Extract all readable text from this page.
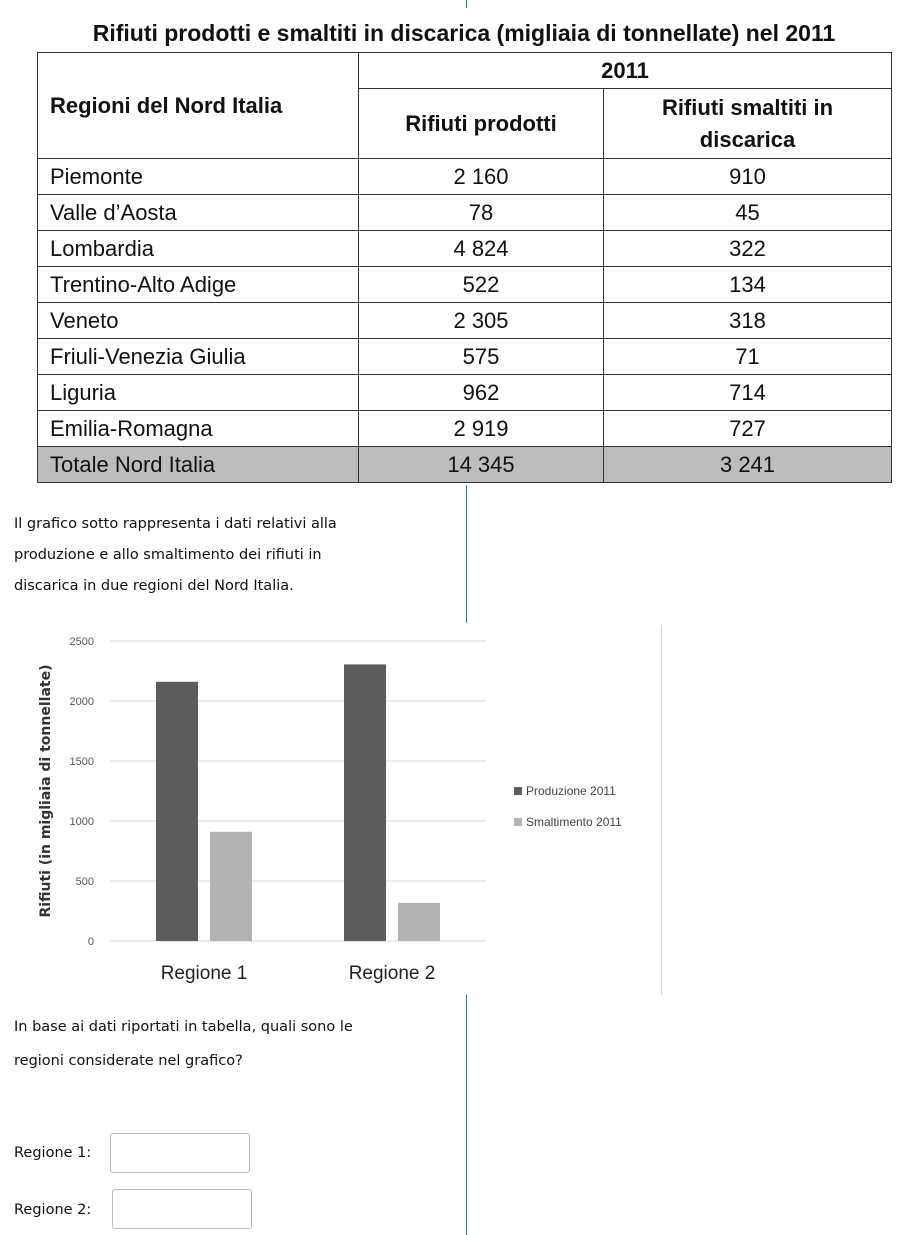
Rifiuti prodotti e smaltiti in discarica (migliaia di tonnellate) nel 2011
Regioni del Nord Italia	2011	
	Rifiuti prodotti	Rifiuti smaltiti in
discarica
Piemonte	2 160	910
Valle d’Aosta	78	45
Lombardia	4 824	322
Trentino-Alto Adige	522	134
Veneto	2 305	318
Friuli-Venezia Giulia	575	71
Liguria	962	714
Emilia-Romagna	2 919	727
Totale Nord Italia	14 345	3 241
Il grafico sotto rappresenta i dati relativi alla
produzione e allo smaltimento dei rifiuti in
discarica in due regioni del Nord Italia.
0
500
1000
1500
2000
2500
Rifiuti (in migliaia di tonnellate)
Regione 1	Regione 2
Produzione 2011
Smaltimento 2011
In base ai dati riportati in tabella, quali sono le
regioni considerate nel grafico?
Regione 1:
Regione 2:
